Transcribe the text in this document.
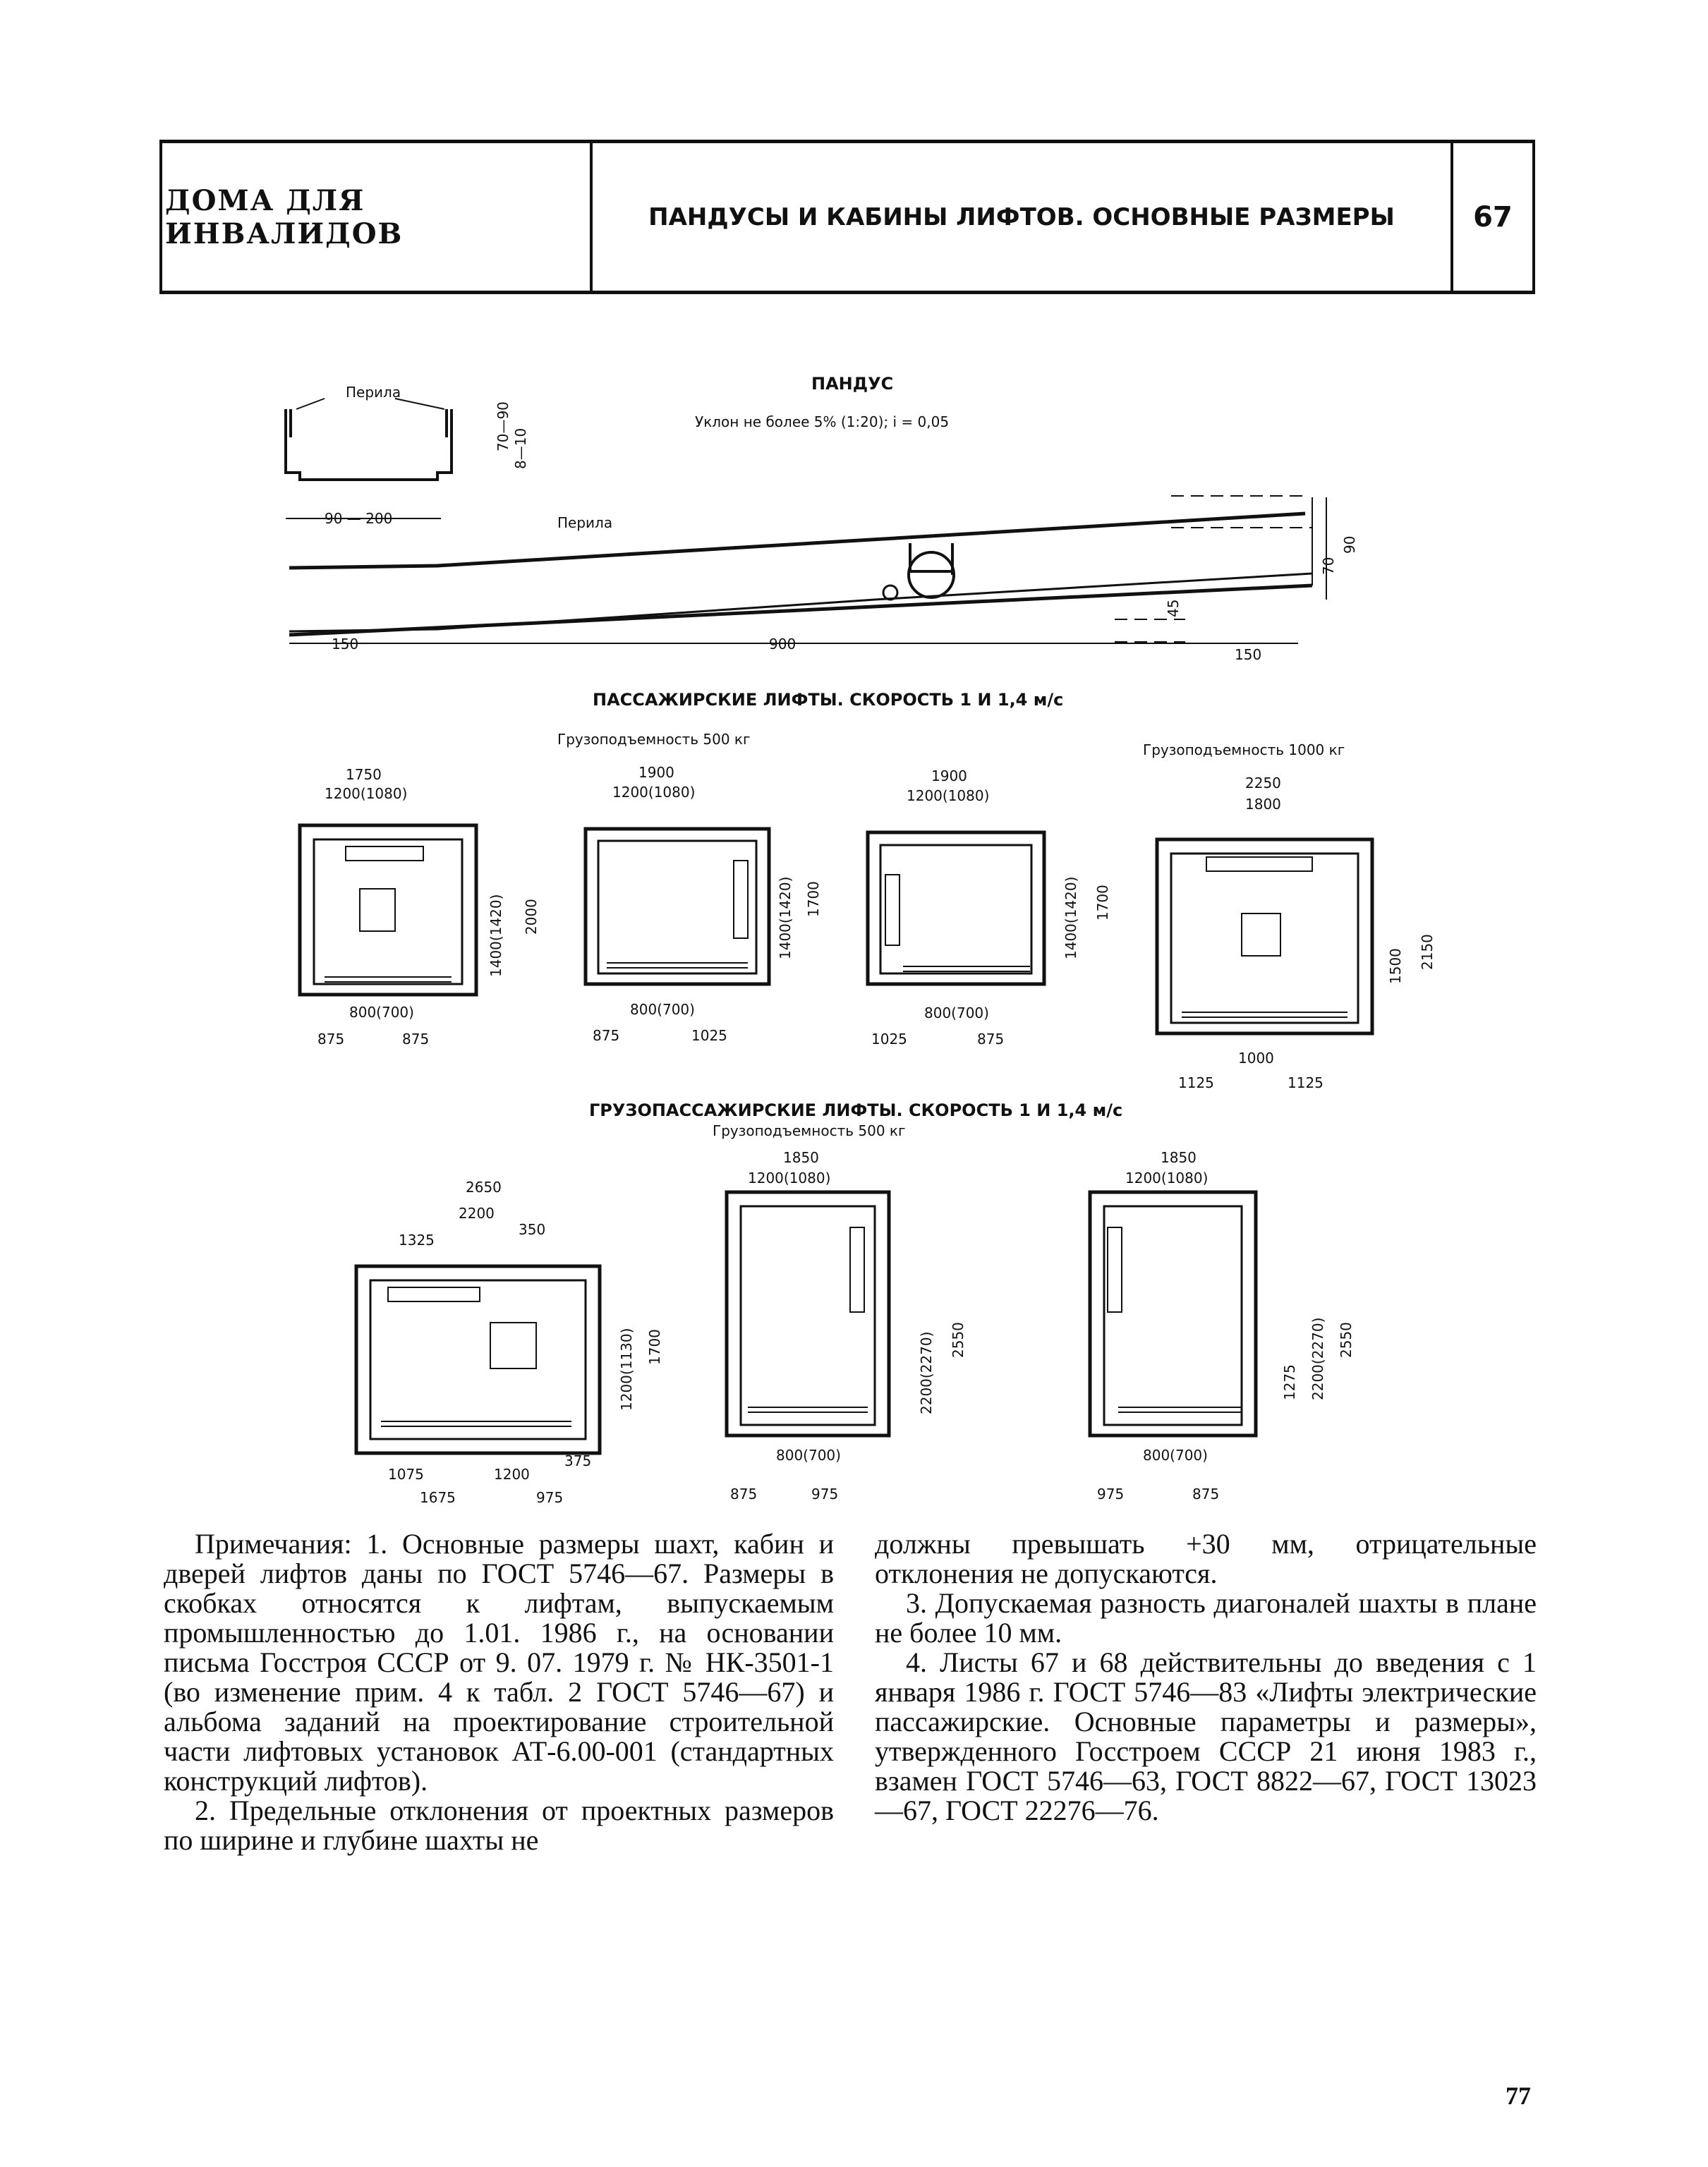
ДОМА ДЛЯ ИНВАЛИДОВ	ПАНДУСЫ И КАБИНЫ ЛИФТОВ. ОСНОВНЫЕ РАЗМЕРЫ	67
ПАНДУС
Уклон не более 5% (1:20); i = 0,05
Перила
70—90 8—10
90 — 200	Перила
150	900
150
45
70
90
ПАССАЖИРСКИЕ ЛИФТЫ. СКОРОСТЬ 1 И 1,4 м/с
Грузоподъемность 500 кг
Грузоподъемность 1000 кг
1750
1200(1080)
1400(1420) 2000
800(700)
875	875
1900
1200(1080)
1400(1420) 1700
800(700)
875	1025
1900
1200(1080)
1400(1420) 1700
800(700)
1025	875
2250
1800
1500 2150
1000
1125	1125
ГРУЗОПАССАЖИРСКИЕ ЛИФТЫ. СКОРОСТЬ 1 И 1,4 м/с
Грузоподъемность 500 кг
2650
2200
1325
350
1200(1130) 1700
1075	1200
375
1675	975
1850
1200(1080)
2200(2270) 2550
800(700)
875	975
1850
1200(1080)
1275 2200(2270) 2550
800(700)
975	875

Примечания: 1. Основные размеры шахт, кабин и дверей лифтов даны по ГОСТ 5746—67. Размеры в скобках относятся к лифтам, выпускаемым промышленностью до 1.01. 1986 г., на основании письма Госстроя СССР от 9. 07. 1979 г. № НК-3501-1 (во изменение прим. 4 к табл. 2 ГОСТ 5746—67) и альбома заданий на проектирование строительной части лифтовых установок АТ-6.00-001 (стандартных конструкций лифтов).

2. Предельные отклонения от проектных размеров по ширине и глубине шахты не

должны превышать +30 мм, отрицательные отклонения не допускаются.

3. Допускаемая разность диагоналей шахты в плане не более 10 мм.

4. Листы 67 и 68 действительны до введения с 1 января 1986 г. ГОСТ 5746—83 «Лифты электрические пассажирские. Основные параметры и размеры», утвержденного Госстроем СССР 21 июня 1983 г., взамен ГОСТ 5746—63, ГОСТ 8822—67, ГОСТ 13023—67, ГОСТ 22276—76.

77
